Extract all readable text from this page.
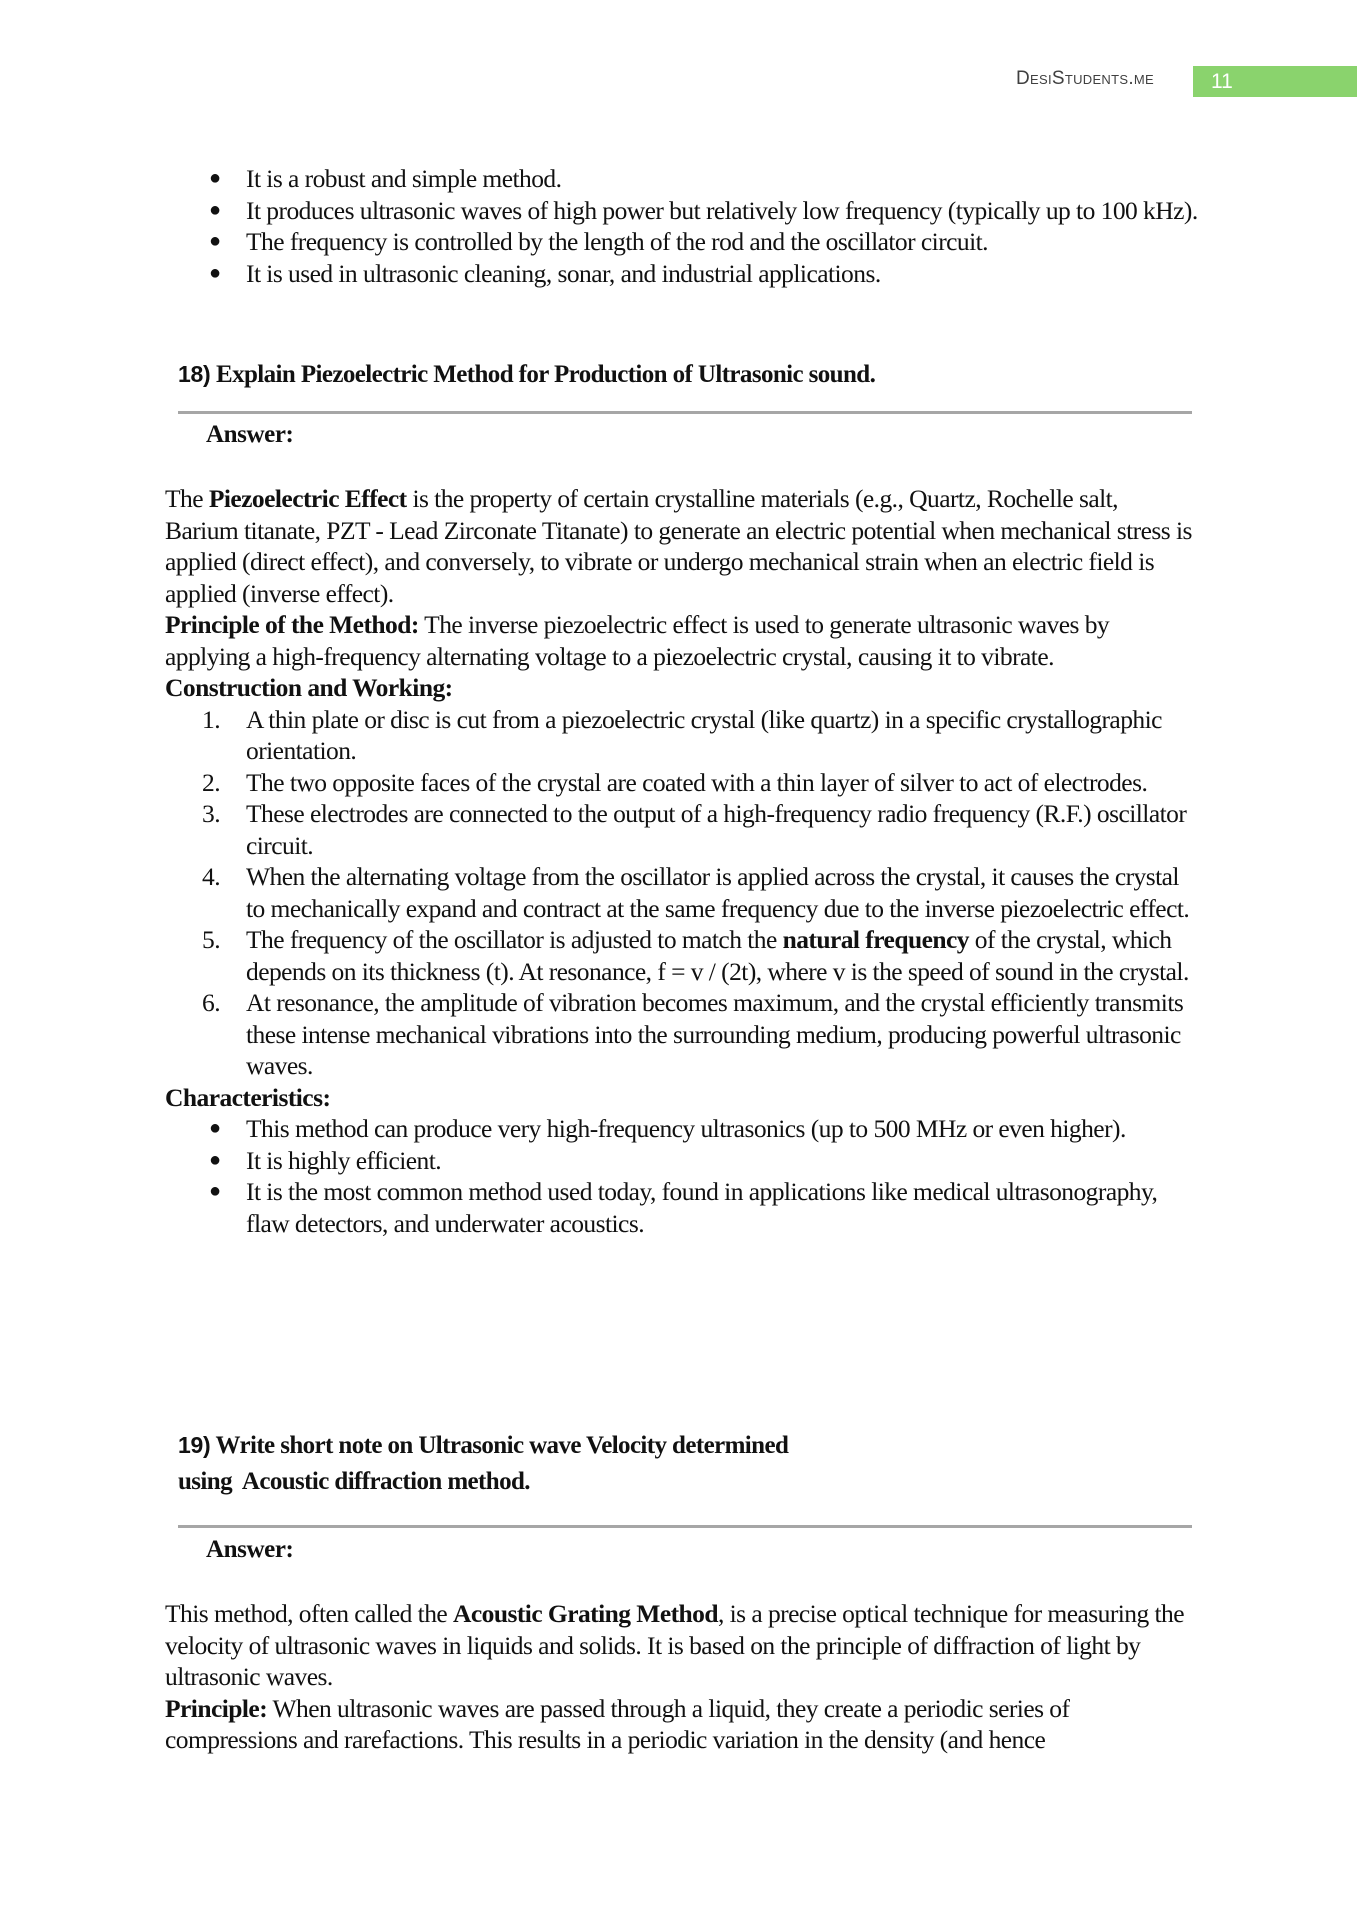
DesiStudents.me	11
● It is a robust and simple method.
● It produces ultrasonic waves of high power but relatively low frequency (typically up to 100 kHz).
● The frequency is controlled by the length of the rod and the oscillator circuit.
● It is used in ultrasonic cleaning, sonar, and industrial applications.
18) Explain Piezoelectric Method for Production of Ultrasonic sound.
Answer:
The Piezoelectric Effect is the property of certain crystalline materials (e.g., Quartz, Rochelle salt, Barium titanate, PZT - Lead Zirconate Titanate) to generate an electric potential when mechanical stress is applied (direct effect), and conversely, to vibrate or undergo mechanical strain when an electric field is applied (inverse effect).
Principle of the Method: The inverse piezoelectric effect is used to generate ultrasonic waves by applying a high-frequency alternating voltage to a piezoelectric crystal, causing it to vibrate.
Construction and Working:
1.	A thin plate or disc is cut from a piezoelectric crystal (like quartz) in a specific crystallographic orientation.
2.	The two opposite faces of the crystal are coated with a thin layer of silver to act of electrodes.
3.	These electrodes are connected to the output of a high-frequency radio frequency (R.F.) oscillator circuit.
4.	When the alternating voltage from the oscillator is applied across the crystal, it causes the crystal to mechanically expand and contract at the same frequency due to the inverse piezoelectric effect.
5.	The frequency of the oscillator is adjusted to match the natural frequency of the crystal, which depends on its thickness (t). At resonance, f = v / (2t), where v is the speed of sound in the crystal.
6.	At resonance, the amplitude of vibration becomes maximum, and the crystal efficiently transmits these intense mechanical vibrations into the surrounding medium, producing powerful ultrasonic waves.
Characteristics:
● This method can produce very high-frequency ultrasonics (up to 500 MHz or even higher).
● It is highly efficient.
● It is the most common method used today, found in applications like medical ultrasonography, flaw detectors, and underwater acoustics.
19) Write short note on Ultrasonic wave Velocity determined
using  Acoustic diffraction method.
Answer:
This method, often called the Acoustic Grating Method, is a precise optical technique for measuring the velocity of ultrasonic waves in liquids and solids. It is based on the principle of diffraction of light by ultrasonic waves.
Principle: When ultrasonic waves are passed through a liquid, they create a periodic series of compressions and rarefactions. This results in a periodic variation in the density (and hence
